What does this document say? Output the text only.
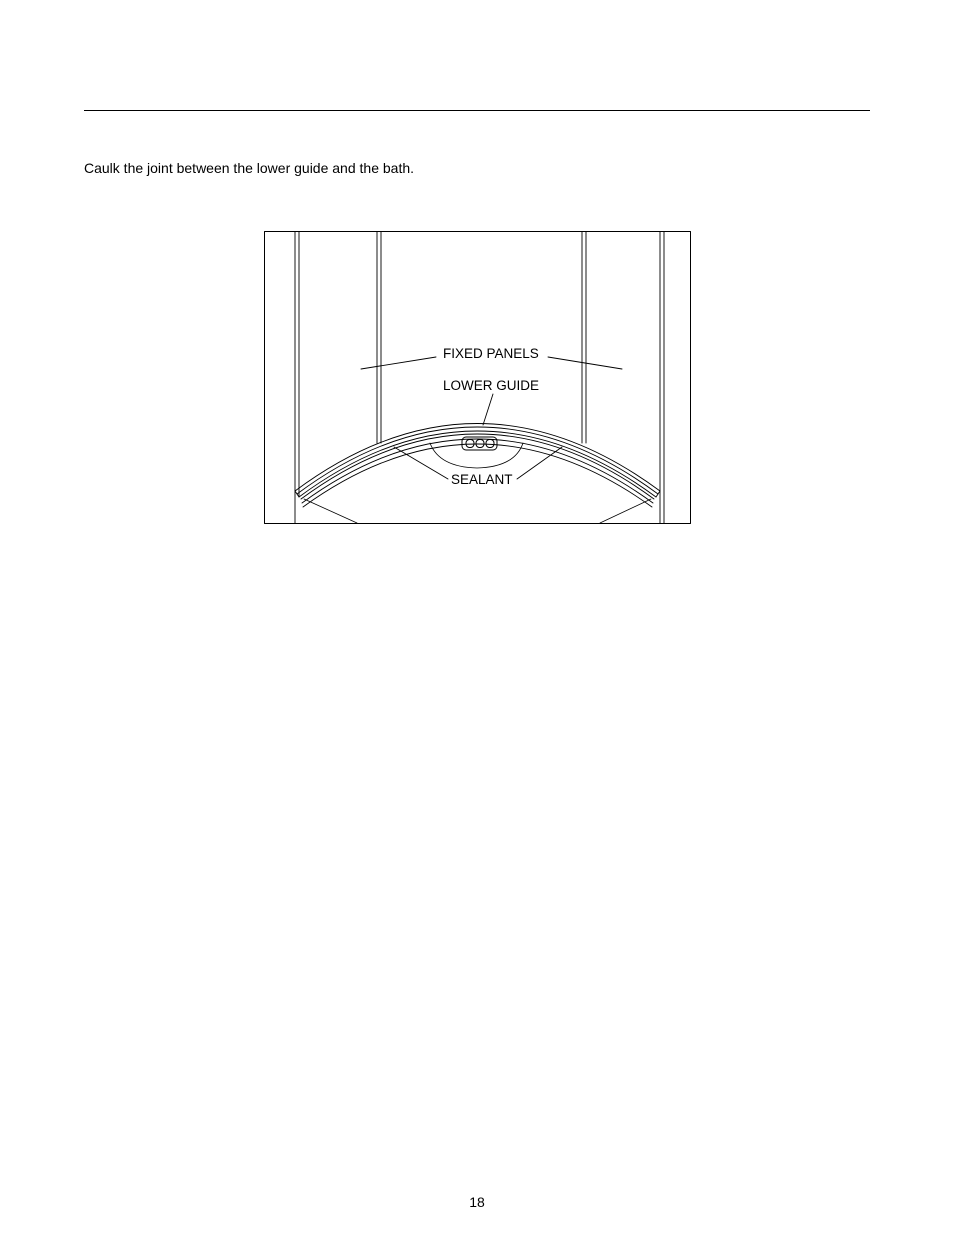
Caulk the joint between the lower guide and the bath.
FIXED PANELS
LOWER GUIDE
SEALANT
18
